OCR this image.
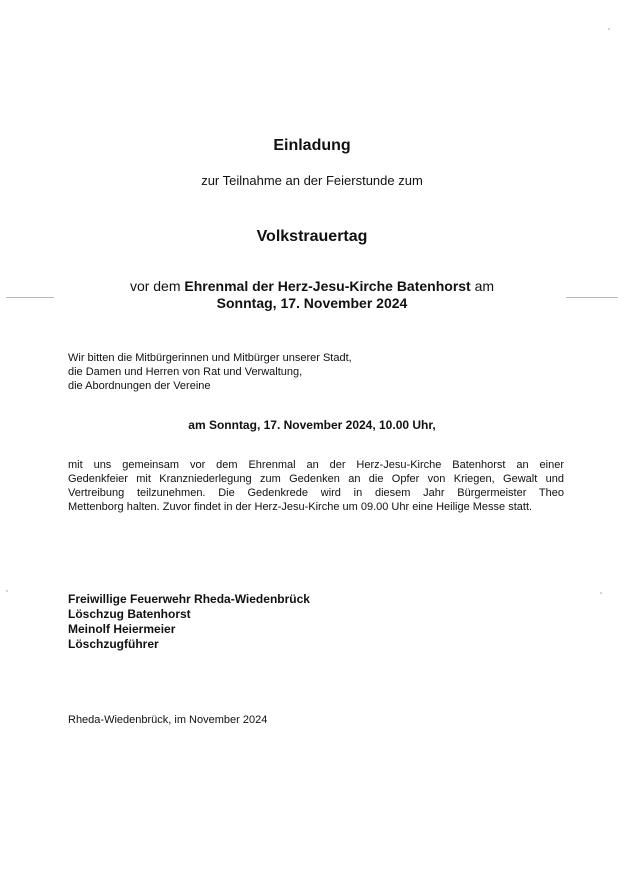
Einladung
zur Teilnahme an der Feierstunde zum
Volkstrauertag
vor dem Ehrenmal der Herz-Jesu-Kirche Batenhorst am
Sonntag, 17. November 2024
Wir bitten die Mitbürgerinnen und Mitbürger unserer Stadt,
die Damen und Herren von Rat und Verwaltung,
die Abordnungen der Vereine
am Sonntag, 17. November 2024, 10.00 Uhr,
mit uns gemeinsam vor dem Ehrenmal an der Herz-Jesu-Kirche Batenhorst an einer
Gedenkfeier mit Kranzniederlegung zum Gedenken an die Opfer von Kriegen, Gewalt und
Vertreibung teilzunehmen. Die Gedenkrede wird in diesem Jahr Bürgermeister Theo
Mettenborg halten. Zuvor findet in der Herz-Jesu-Kirche um 09.00 Uhr eine Heilige Messe statt.
Freiwillige Feuerwehr Rheda-Wiedenbrück
Löschzug Batenhorst
Meinolf Heiermeier
Löschzugführer
Rheda-Wiedenbrück, im November 2024
